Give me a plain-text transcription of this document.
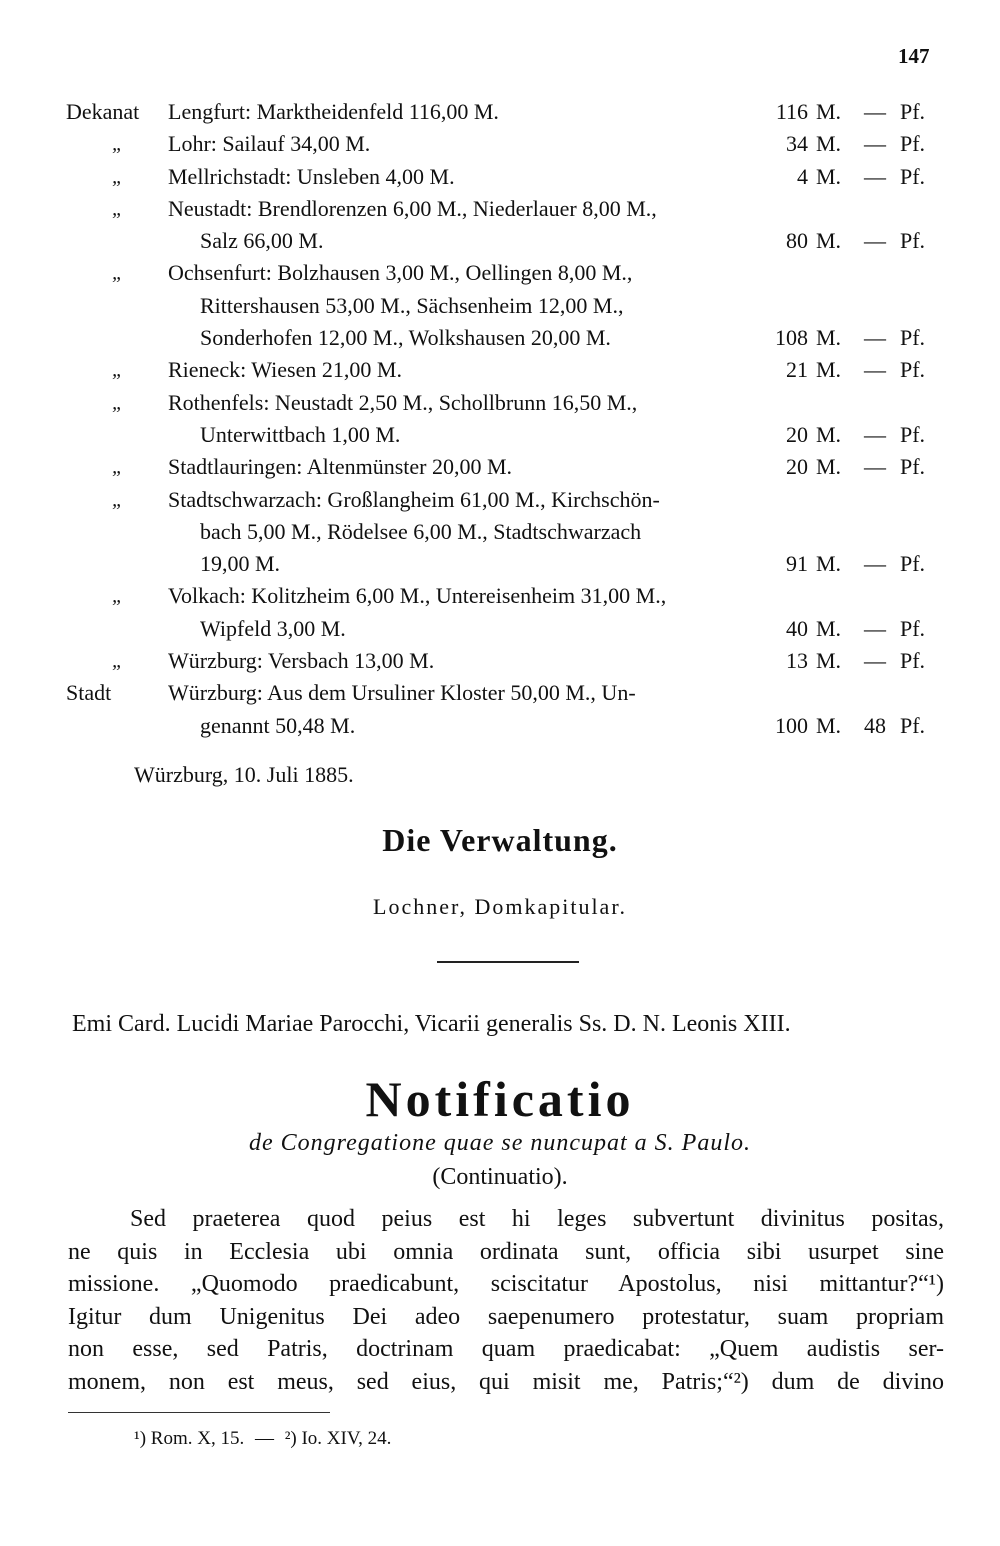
147
Dekanat Lengfurt: Marktheidenfeld 116,00 M.	116 M. — Pf.
„ Lohr: Sailauf 34,00 M.	34 M. — Pf.
„ Mellrichstadt: Unsleben 4,00 M.	4 M. — Pf.
„ Neustadt: Brendlorenzen 6,00 M., Niederlauer 8,00 M.,
Salz 66,00 M.	80 M. — Pf.
„ Ochsenfurt: Bolzhausen 3,00 M., Oellingen 8,00 M.,
Rittershausen 53,00 M., Sächsenheim 12,00 M.,
Sonderhofen 12,00 M., Wolkshausen 20,00 M.	108 M. — Pf.
„ Rieneck: Wiesen 21,00 M.	21 M. — Pf.
„ Rothenfels: Neustadt 2,50 M., Schollbrunn 16,50 M.,
Unterwittbach 1,00 M.	20 M. — Pf.
„ Stadtlauringen: Altenmünster 20,00 M.	20 M. — Pf.
„ Stadtschwarzach: Großlangheim 61,00 M., Kirchschön-
bach 5,00 M., Rödelsee 6,00 M., Stadtschwarzach
19,00 M.	91 M. — Pf.
„ Volkach: Kolitzheim 6,00 M., Untereisenheim 31,00 M.,
Wipfeld 3,00 M.	40 M. — Pf.
„ Würzburg: Versbach 13,00 M.	13 M. — Pf.
Stadt	Würzburg: Aus dem Ursuliner Kloster 50,00 M., Un-
genannt 50,48 M.	100 M. 48 Pf.
Würzburg, 10. Juli 1885.
Die Verwaltung.
Lochner, Domkapitular.
Emi Card. Lucidi Mariae Parocchi, Vicarii generalis Ss. D. N. Leonis XIII.
Notificatio
de Congregatione quae se nuncupat a S. Paulo.
(Continuatio).
Sed praeterea quod peius est hi leges subvertunt divinitus positas,
ne quis in Ecclesia ubi omnia ordinata sunt, officia sibi usurpet sine
missione. „Quomodo praedicabunt, sciscitatur Apostolus, nisi mittantur?“¹)
Igitur dum Unigenitus Dei adeo saepenumero protestatur, suam propriam
non esse, sed Patris, doctrinam quam praedicabat: „Quem audistis ser-
monem, non est meus, sed eius, qui misit me, Patris;“²) dum de divino
¹) Rom. X, 15. — ²) Io. XIV, 24.
